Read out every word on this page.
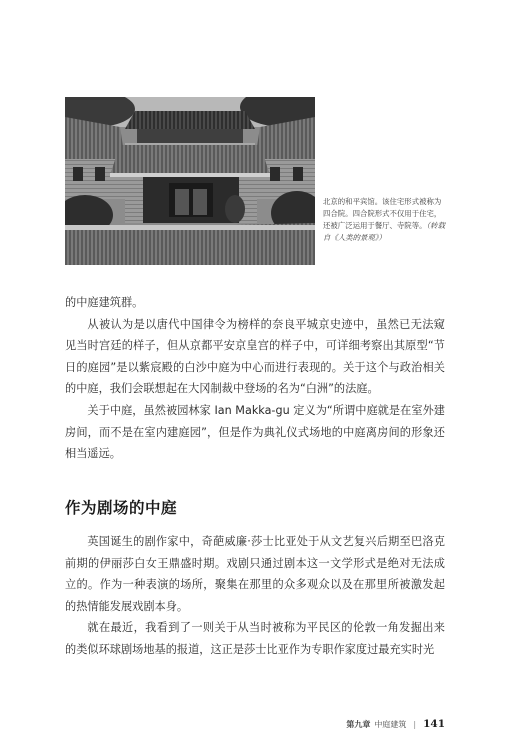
北京的和平宾馆。该住宅形式被称为四合院。四合院形式不仅用于住宅，还被广泛运用于餐厅、寺院等。（转载自《人类的景观》）

的中庭建筑群。

从被认为是以唐代中国律令为榜样的奈良平城京史迹中，虽然已无法窥见当时宫廷的样子，但从京都平安京皇宫的样子中，可详细考察出其原型“节日的庭园”是以紫宸殿的白沙中庭为中心而进行表现的。关于这个与政治相关的中庭，我们会联想起在大冈制裁中登场的名为“白洲”的法庭。

关于中庭，虽然被园林家 Ian Makka-gu 定义为“所谓中庭就是在室外建房间，而不是在室内建庭园”，但是作为典礼仪式场地的中庭离房间的形象还相当遥远。

作为剧场的中庭

英国诞生的剧作家中，奇葩威廉·莎士比亚处于从文艺复兴后期至巴洛克前期的伊丽莎白女王鼎盛时期。戏剧只通过剧本这一文学形式是绝对无法成立的。作为一种表演的场所，聚集在那里的众多观众以及在那里所被激发起的热情能发展戏剧本身。

就在最近，我看到了一则关于从当时被称为平民区的伦敦一角发掘出来的类似环球剧场地基的报道，这正是莎士比亚作为专职作家度过最充实时光

第九章 中庭建筑 | 141
